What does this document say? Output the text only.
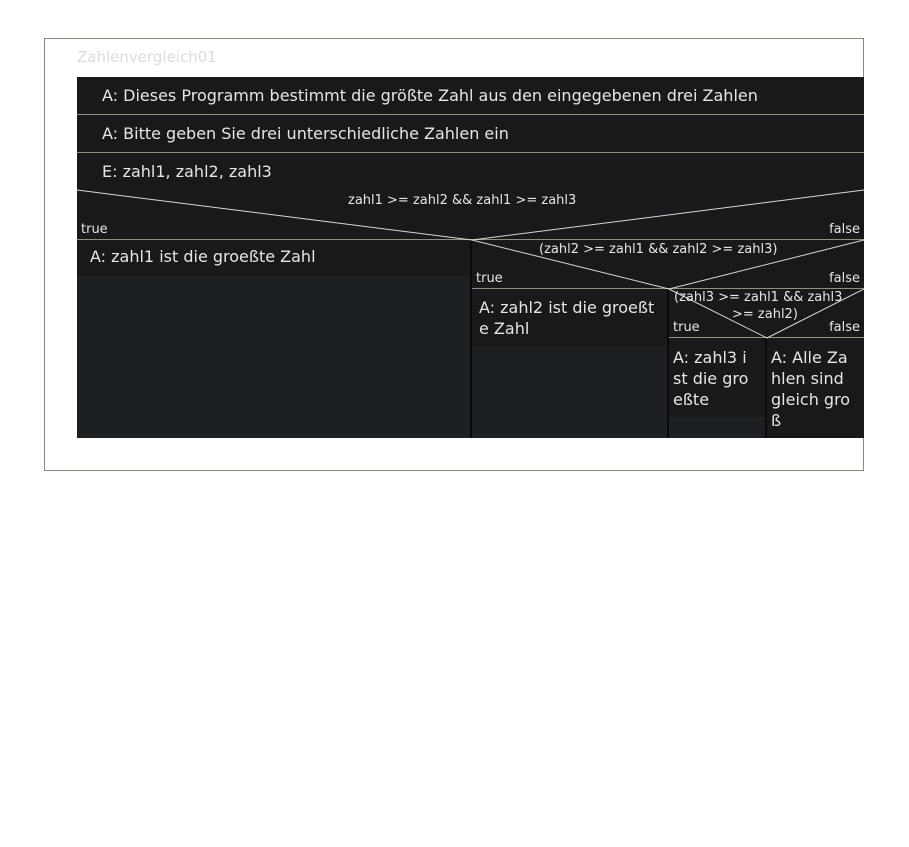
Zahlenvergleich01
A: Dieses Programm bestimmt die größte Zahl aus den eingegebenen drei Zahlen
A: Bitte geben Sie drei unterschiedliche Zahlen ein
E: zahl1, zahl2, zahl3
A: zahl1 ist die groeßte Zahl
A: zahl2 ist die groeßt
e Zahl
A: zahl3 i
st die gro
eßte
A: Alle Za
hlen sind
gleich gro
ß
zahl1 >= zahl2 && zahl1 >= zahl3
true	false
(zahl2 >= zahl1 && zahl2 >= zahl3)
true	false
(zahl3 >= zahl1 && zahl3
>= zahl2)
true	false
